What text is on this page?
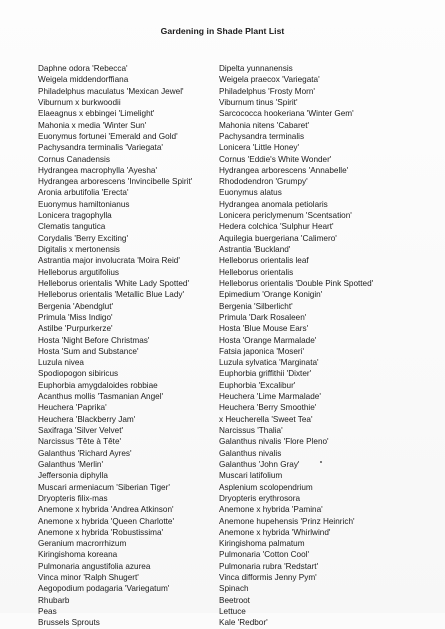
Gardening in Shade Plant List
Daphne odora 'Rebecca'
Weigela middendorffiana
Philadelphus maculatus 'Mexican Jewel'
Viburnum x burkwoodii
Elaeagnus x ebbingei 'Limelight'
Mahonia x media 'Winter Sun'
Euonymus fortunei 'Emerald and Gold'
Pachysandra terminalis 'Variegata'
Cornus Canadensis
Hydrangea macrophylla 'Ayesha'
Hydrangea arborescens 'Invincibelle Spirit'
Aronia arbutifolia 'Erecta'
Euonymus hamiltonianus
Lonicera tragophylla
Clematis tangutica
Corydalis 'Berry Exciting'
Digitalis x mertonensis
Astrantia major involucrata 'Moira Reid'
Helleborus argutifolius
Helleborus orientalis 'White Lady Spotted'
Helleborus orientalis 'Metallic Blue Lady'
Bergenia 'Abendglut'
Primula 'Miss Indigo'
Astilbe 'Purpurkerze'
Hosta 'Night Before Christmas'
Hosta 'Sum and Substance'
Luzula nivea
Spodiopogon sibiricus
Euphorbia amygdaloides robbiae
Acanthus mollis 'Tasmanian Angel'
Heuchera 'Paprika'
Heuchera 'Blackberry Jam'
Saxifraga 'Silver Velvet'
Narcissus 'Tête à Tête'
Galanthus 'Richard Ayres'
Galanthus 'Merlin'
Jeffersonia diphylla
Muscari armeniacum 'Siberian Tiger'
Dryopteris filix-mas
Anemone x hybrida 'Andrea Atkinson'
Anemone x hybrida 'Queen Charlotte'
Anemone x hybrida 'Robustissima'
Geranium macrorrhizum
Kiringishoma koreana
Pulmonaria angustifolia azurea
Vinca minor 'Ralph Shugert'
Aegopodium podagaria 'Variegatum'
Rhubarb
Peas
Brussels Sprouts
Dipelta yunnanensis
Weigela praecox 'Variegata'
Philadelphus 'Frosty Morn'
Viburnum tinus 'Spirit'
Sarcococca hookeriana 'Winter Gem'
Mahonia nitens 'Cabaret'
Pachysandra terminalis
Lonicera 'Little Honey'
Cornus 'Eddie's White Wonder'
Hydrangea arborescens 'Annabelle'
Rhododendron 'Grumpy'
Euonymus alatus
Hydrangea anomala petiolaris
Lonicera periclymenum 'Scentsation'
Hedera colchica 'Sulphur Heart'
Aquilegia buergeriana 'Calimero'
Astrantia 'Buckland'
Helleborus orientalis leaf
Helleborus orientalis
Helleborus orientalis 'Double Pink Spotted'
Epimedium 'Orange Konigin'
Bergenia 'Silberlicht'
Primula 'Dark Rosaleen'
Hosta 'Blue Mouse Ears'
Hosta 'Orange Marmalade'
Fatsia japonica 'Moseri'
Luzula sylvatica 'Marginata'
Euphorbia griffithii 'Dixter'
Euphorbia 'Excalibur'
Heuchera 'Lime Marmalade'
Heuchera 'Berry Smoothie'
x Heucherella 'Sweet Tea'
Narcissus 'Thalia'
Galanthus nivalis 'Flore Pleno'
Galanthus nivalis
Galanthus 'John Gray'
Muscari latifolium
Asplenium scolopendrium
Dryopteris erythrosora
Anemone x hybrida 'Pamina'
Anemone hupehensis 'Prinz Heinrich'
Anemone x hybrida 'Whirlwind'
Kiringishoma palmatum
Pulmonaria 'Cotton Cool'
Pulmonaria rubra 'Redstart'
Vinca difformis Jenny Pym'
Spinach
Beetroot
Lettuce
Kale 'Redbor'
